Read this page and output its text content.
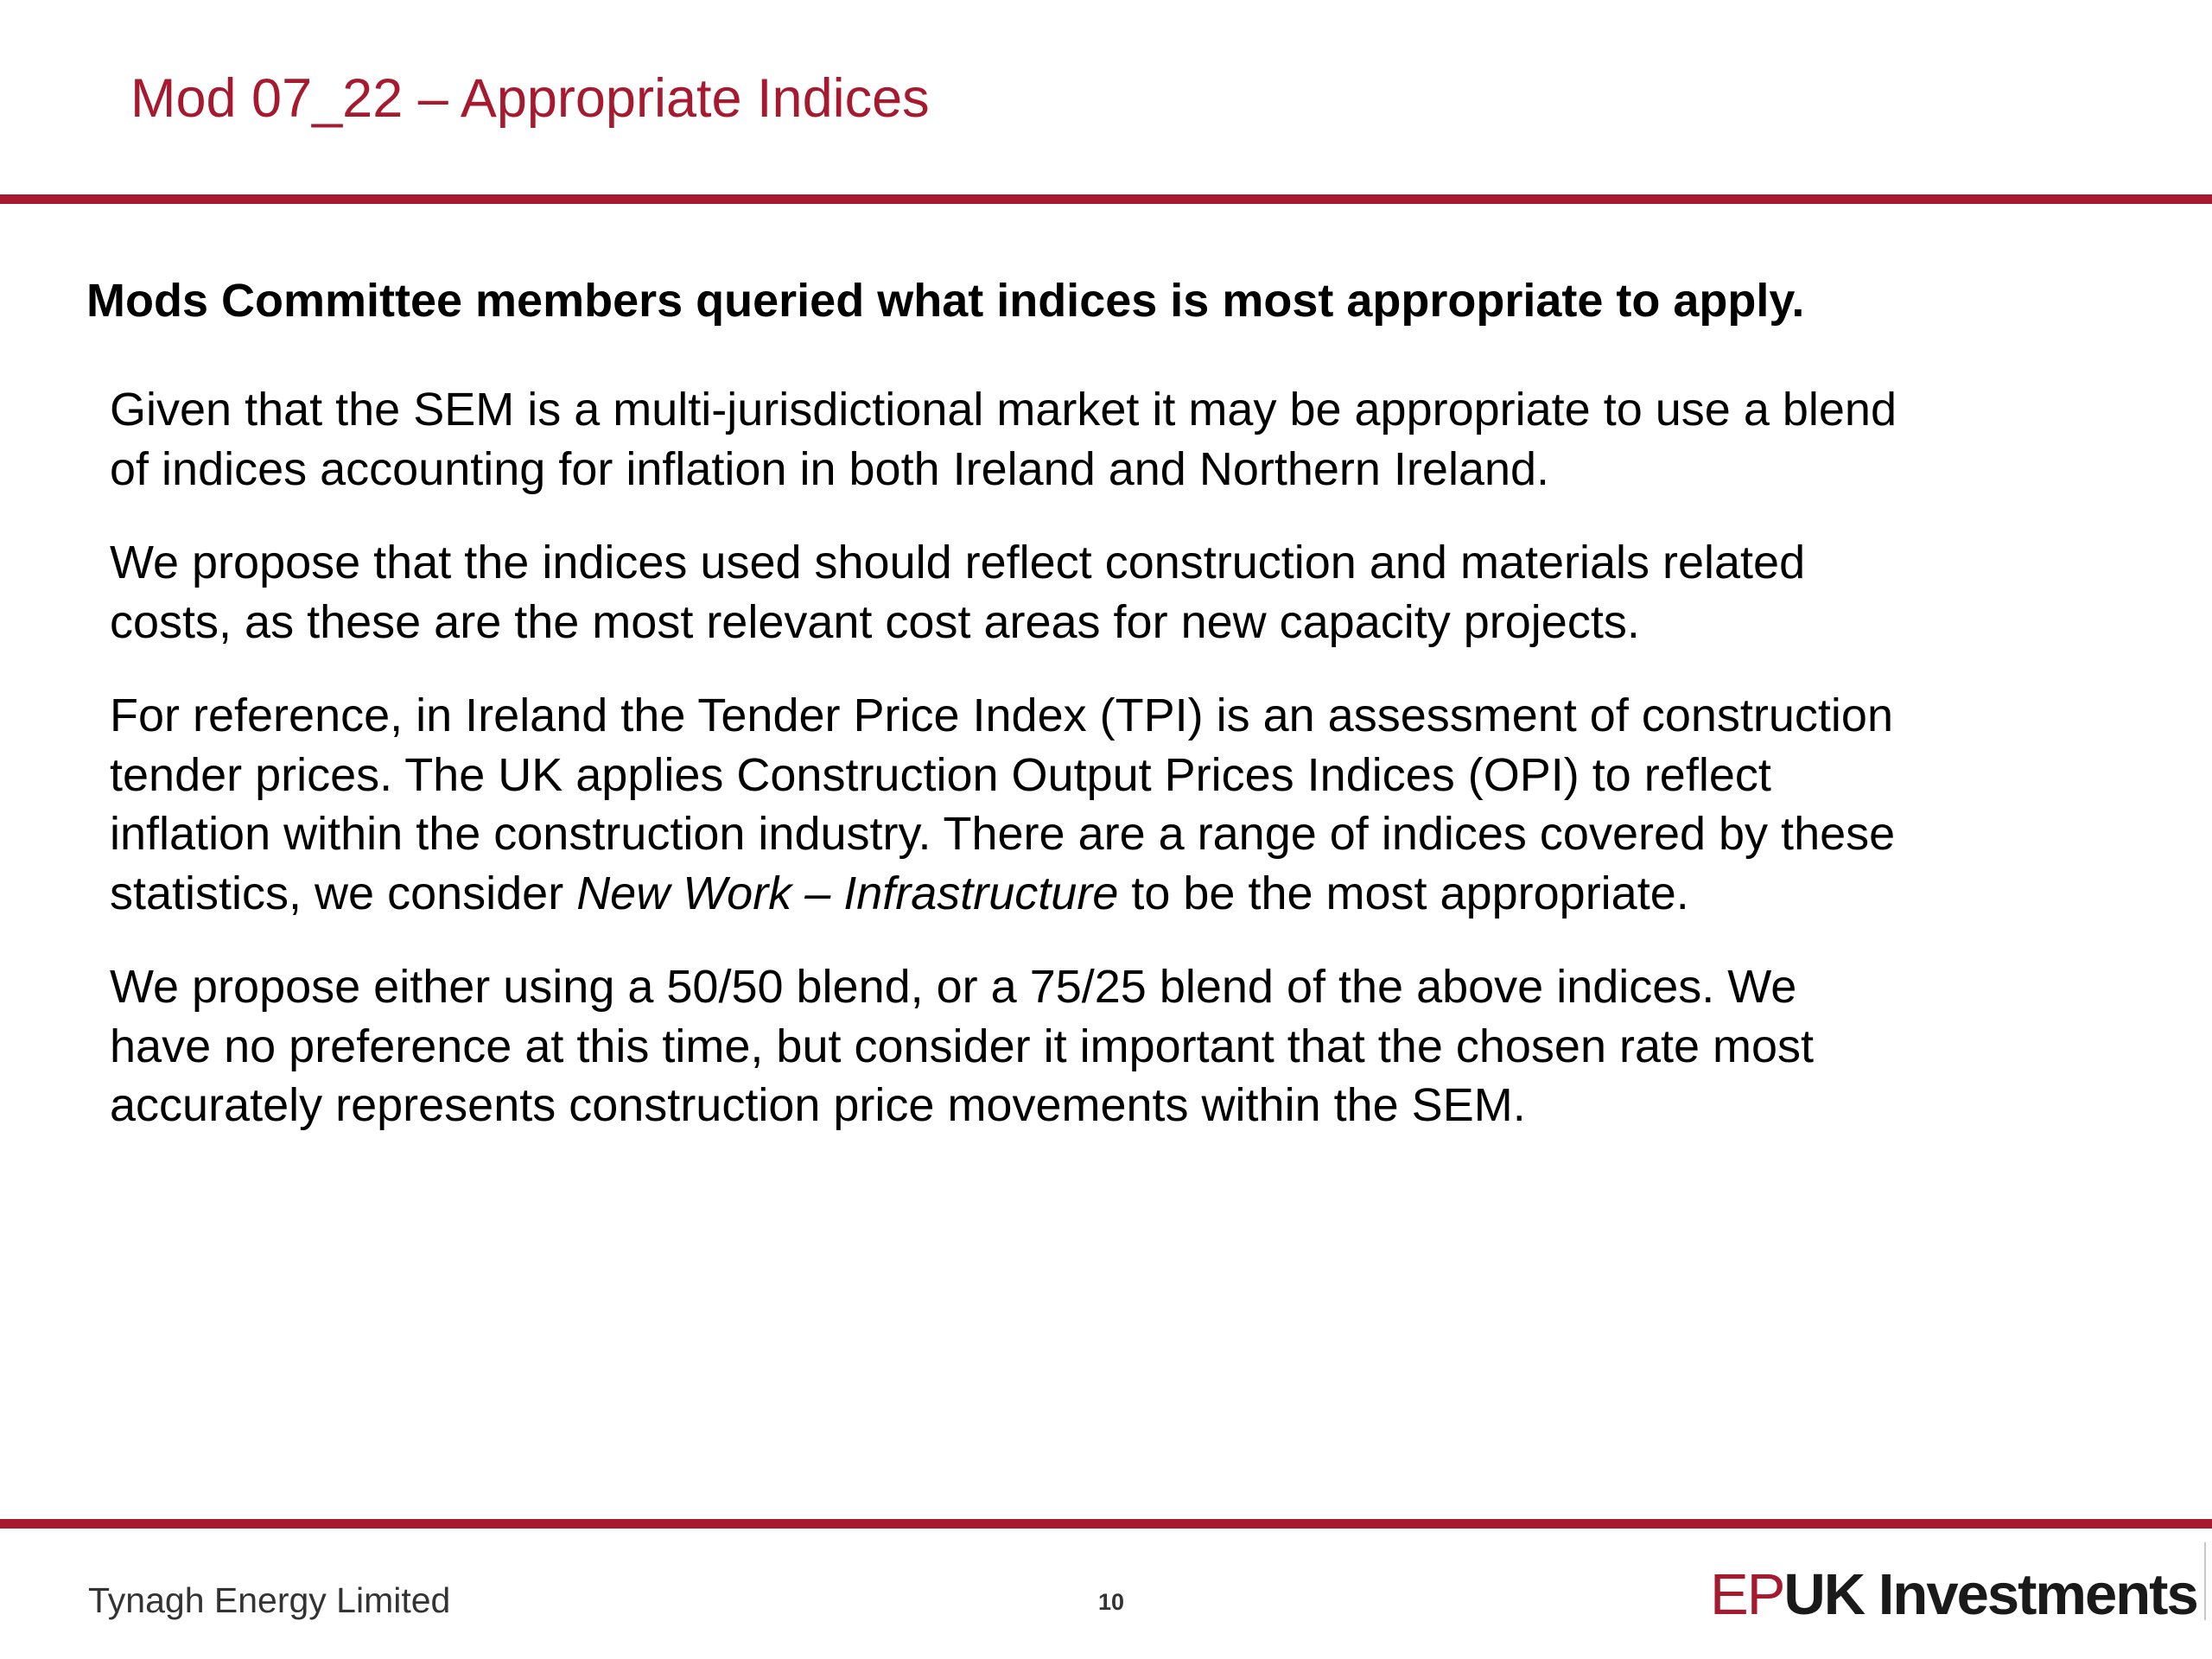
Mod 07_22 – Appropriate Indices
Mods Committee members queried what indices is most appropriate to apply.

Given that the SEM is a multi-jurisdictional market it may be appropriate to use a blend
of indices accounting for inflation in both Ireland and Northern Ireland.

We propose that the indices used should reflect construction and materials related
costs, as these are the most relevant cost areas for new capacity projects.

For reference, in Ireland the Tender Price Index (TPI) is an assessment of construction
tender prices. The UK applies Construction Output Prices Indices (OPI) to reflect
inflation within the construction industry. There are a range of indices covered by these
statistics, we consider New Work – Infrastructure to be the most appropriate.

We propose either using a 50/50 blend, or a 75/25 blend of the above indices. We
have no preference at this time, but consider it important that the chosen rate most
accurately represents construction price movements within the SEM.

Tynagh Energy Limited	10	EPUK Investments
